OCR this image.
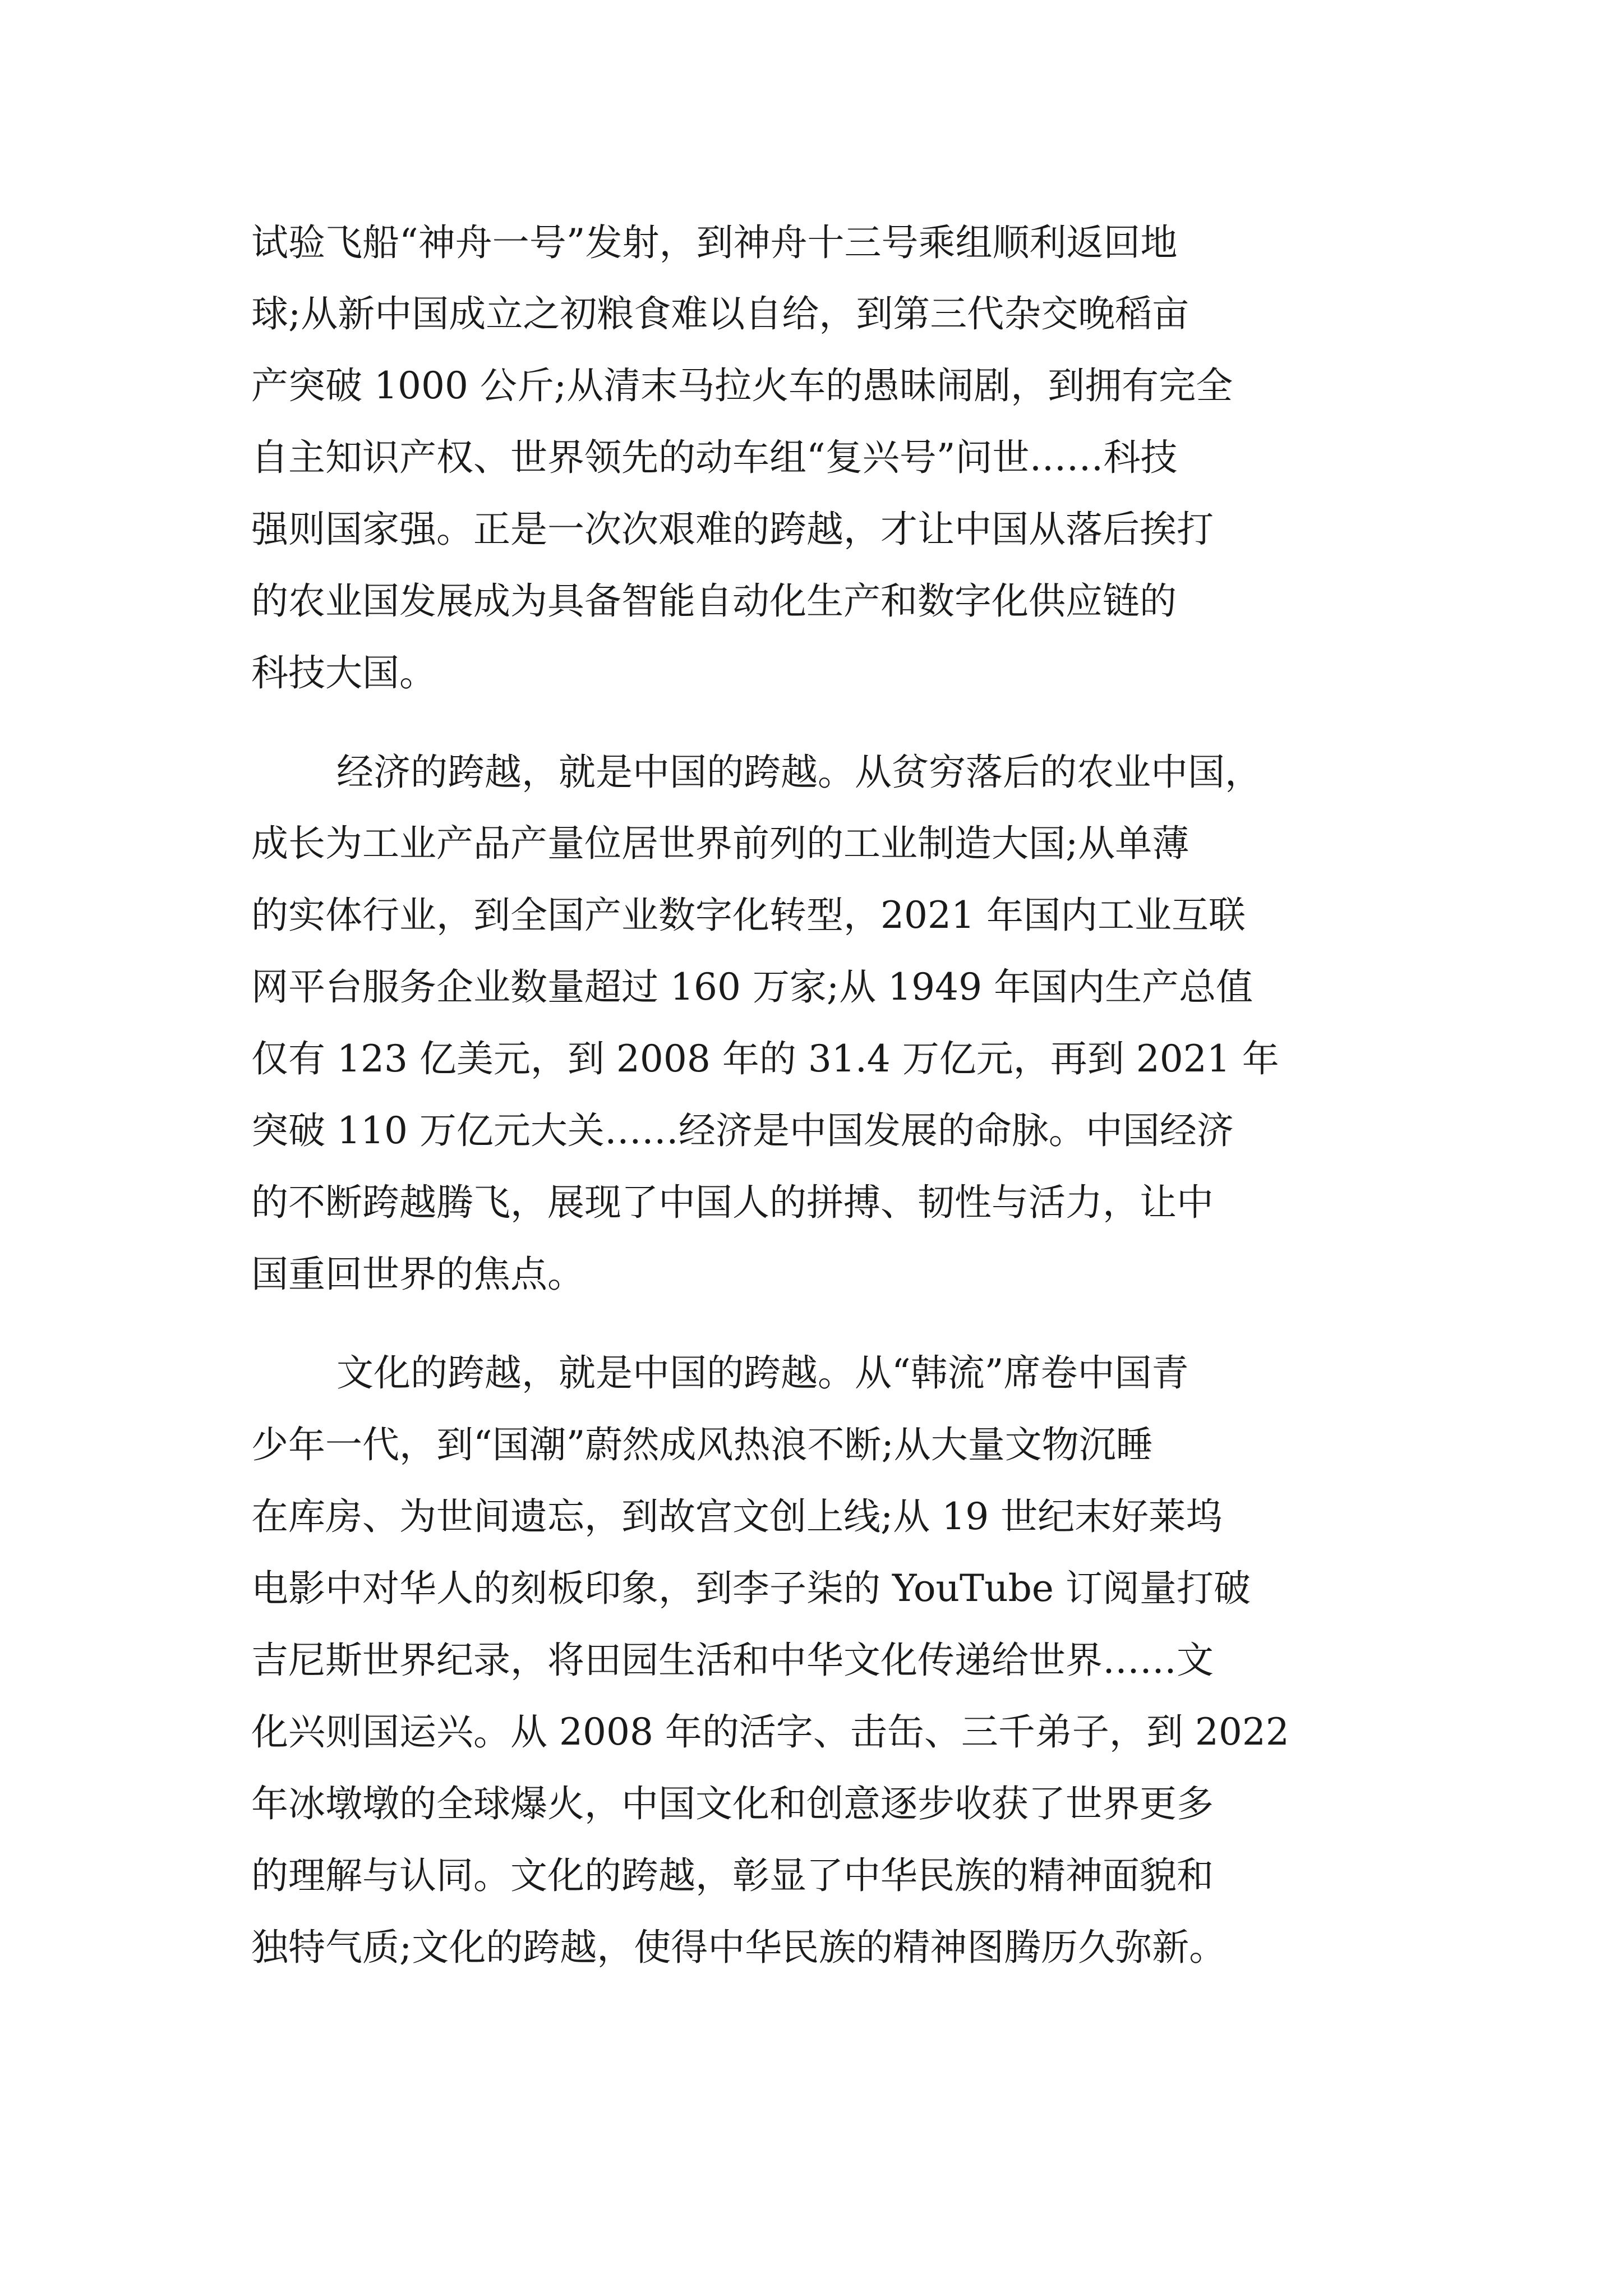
试验飞船“神舟一号”发射，到神舟十三号乘组顺利返回地
球;从新中国成立之初粮食难以自给，到第三代杂交晚稻亩
产突破 1000 公斤;从清末马拉火车的愚昧闹剧，到拥有完全
自主知识产权、世界领先的动车组“复兴号”问世……科技
强则国家强。正是一次次艰难的跨越，才让中国从落后挨打
的农业国发展成为具备智能自动化生产和数字化供应链的
科技大国。
经济的跨越，就是中国的跨越。从贫穷落后的农业中国，
成长为工业产品产量位居世界前列的工业制造大国;从单薄
的实体行业，到全国产业数字化转型，2021 年国内工业互联
网平台服务企业数量超过 160 万家;从 1949 年国内生产总值
仅有 123 亿美元，到 2008 年的 31.4 万亿元，再到 2021 年
突破 110 万亿元大关……经济是中国发展的命脉。中国经济
的不断跨越腾飞，展现了中国人的拼搏、韧性与活力，让中
国重回世界的焦点。
文化的跨越，就是中国的跨越。从“韩流”席卷中国青
少年一代，到“国潮”蔚然成风热浪不断;从大量文物沉睡
在库房、为世间遗忘，到故宫文创上线;从 19 世纪末好莱坞
电影中对华人的刻板印象，到李子柒的 YouTube 订阅量打破
吉尼斯世界纪录，将田园生活和中华文化传递给世界……文
化兴则国运兴。从 2008 年的活字、击缶、三千弟子，到 2022
年冰墩墩的全球爆火，中国文化和创意逐步收获了世界更多
的理解与认同。文化的跨越，彰显了中华民族的精神面貌和
独特气质;文化的跨越，使得中华民族的精神图腾历久弥新。
